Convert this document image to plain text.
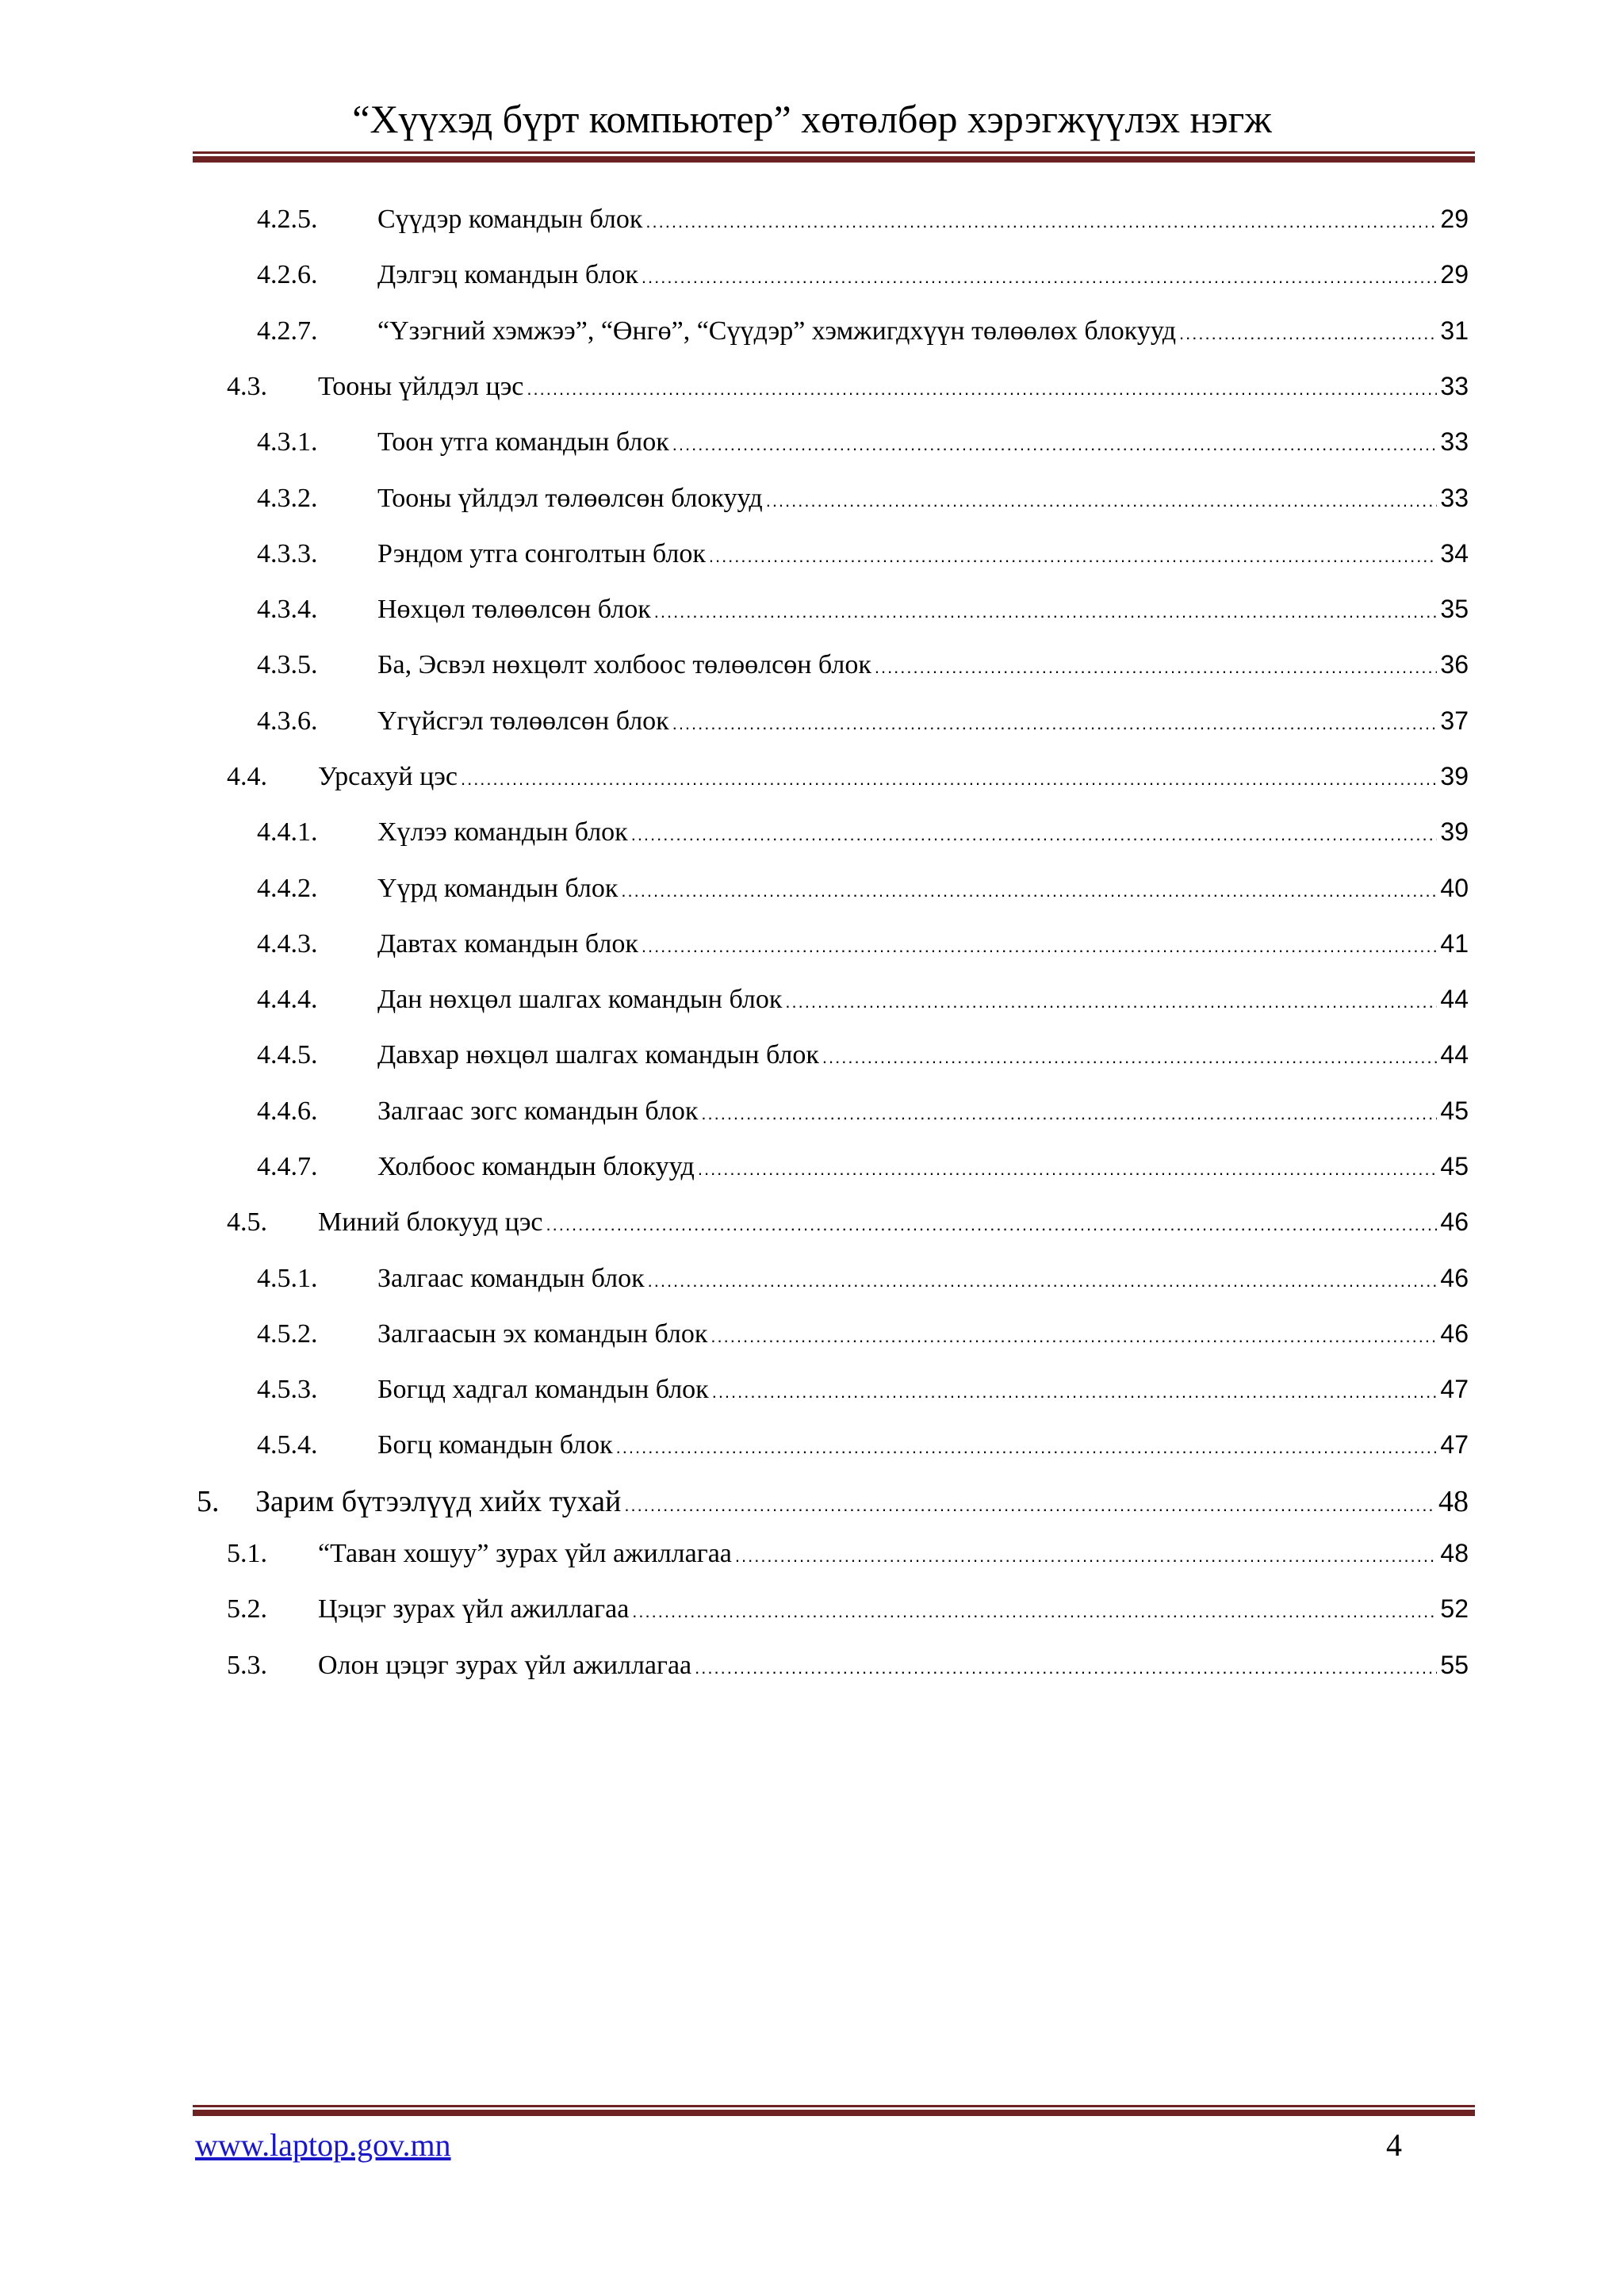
“Хүүхэд бүрт компьютер” хөтөлбөр хэрэгжүүлэх нэгж
4.2.5.	Сүүдэр командын блок .....	29
4.2.6.	Дэлгэц командын блок .....	29
4.2.7.	“Үзэгний хэмжээ”, “Өнгө”, “Сүүдэр” хэмжигдхүүн төлөөлөх блокууд .....	31
4.3.	Тооны үйлдэл цэс .....	33
4.3.1.	Тоон утга командын блок .....	33
4.3.2.	Тооны үйлдэл төлөөлсөн блокууд .....	33
4.3.3.	Рэндом утга сонголтын блок .....	34
4.3.4.	Нөхцөл төлөөлсөн блок .....	35
4.3.5.	Ба, Эсвэл нөхцөлт холбоос төлөөлсөн блок .....	36
4.3.6.	Үгүйсгэл төлөөлсөн блок .....	37
4.4.	Урсахуй цэс .....	39
4.4.1.	Хүлээ командын блок .....	39
4.4.2.	Үүрд командын блок .....	40
4.4.3.	Давтах командын блок .....	41
4.4.4.	Дан нөхцөл шалгах командын блок .....	44
4.4.5.	Давхар нөхцөл шалгах командын блок .....	44
4.4.6.	Залгаас зогс командын блок .....	45
4.4.7.	Холбоос командын блокууд .....	45
4.5.	Миний блокууд цэс .....	46
4.5.1.	Залгаас командын блок .....	46
4.5.2.	Залгаасын эх командын блок .....	46
4.5.3.	Богцд хадгал командын блок .....	47
4.5.4.	Богц командын блок .....	47
5.	Зарим бүтээлүүд хийх тухай .....	48
5.1.	“Таван хошуу” зурах үйл ажиллагаа .....	48
5.2.	Цэцэг зурах үйл ажиллагаа .....	52
5.3.	Олон цэцэг зурах үйл ажиллагаа .....	55
www.laptop.gov.mn	4
